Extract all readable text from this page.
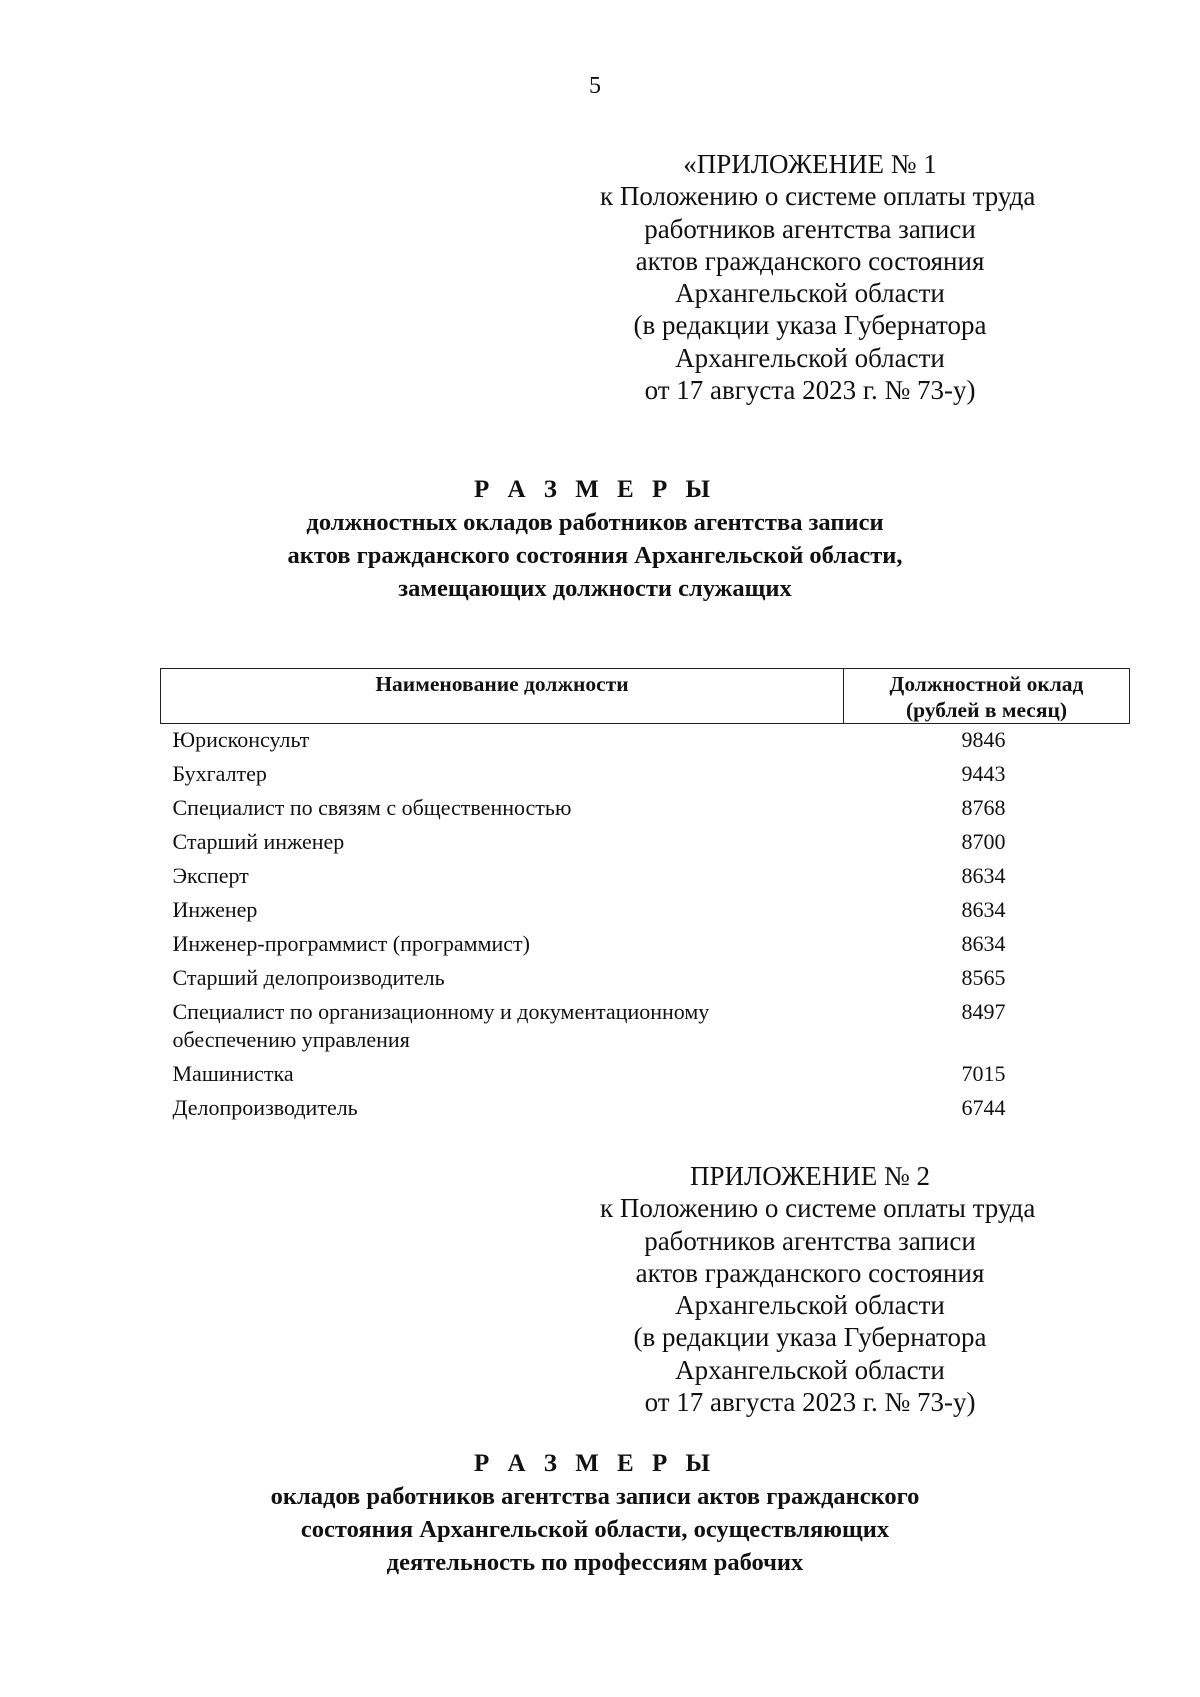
5
«ПРИЛОЖЕНИЕ № 1
к Положению о системе оплаты труда
работников агентства записи
актов гражданского состояния
Архангельской области
(в редакции указа Губернатора
Архангельской области
от 17 августа 2023 г. № 73-у)
Р А З М Е Р Ы
должностных окладов работников агентства записи
актов гражданского состояния Архангельской области,
замещающих должности служащих
Наименование должности	Должностной оклад
(рублей в месяц)

Юрисконсульт	9846
Бухгалтер	9443
Специалист по связям с общественностью	8768
Старший инженер	8700
Эксперт	8634
Инженер	8634
Инженер-программист (программист)	8634
Старший делопроизводитель	8565
Специалист по организационному и документационному обеспечению управления	8497
Машинистка	7015
Делопроизводитель	6744
ПРИЛОЖЕНИЕ № 2
к Положению о системе оплаты труда
работников агентства записи
актов гражданского состояния
Архангельской области
(в редакции указа Губернатора
Архангельской области
от 17 августа 2023 г. № 73-у)
Р А З М Е Р Ы
окладов работников агентства записи актов гражданского
состояния Архангельской области, осуществляющих
деятельность по профессиям рабочих
